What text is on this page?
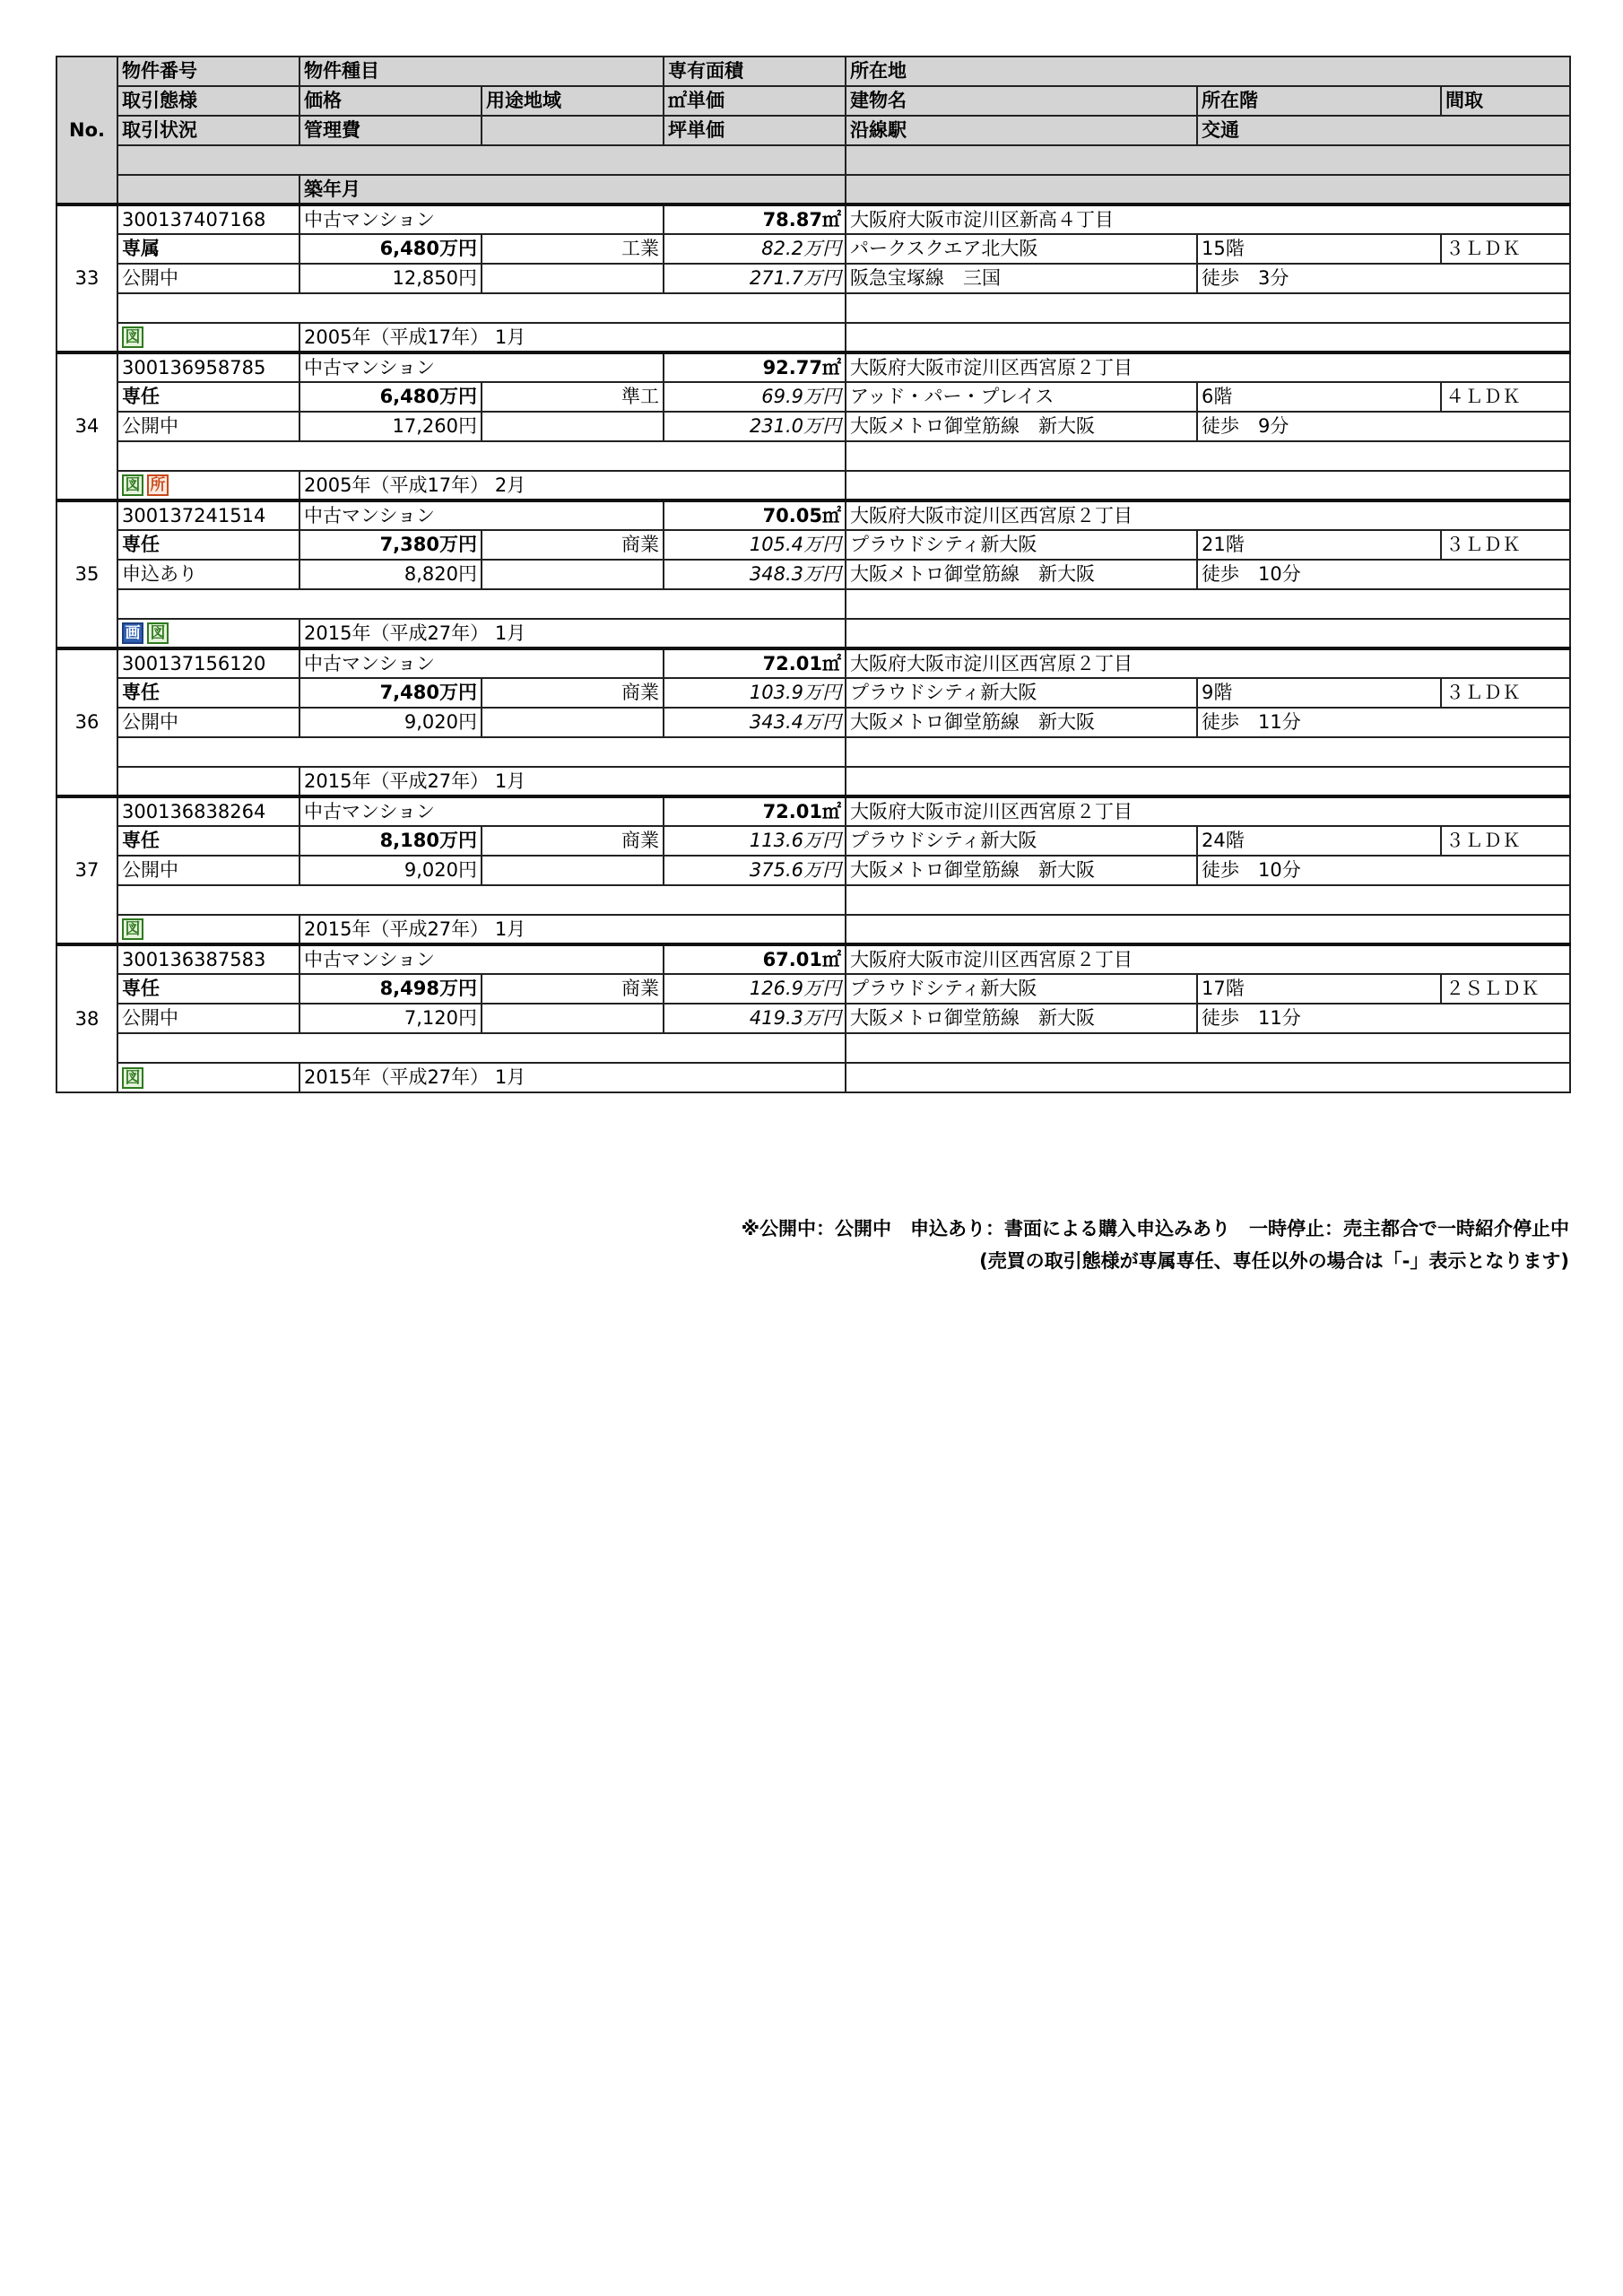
No.	物件番号	物件種目		専有面積	所在地		
	取引態様	価格	用途地域	㎡単価	建物名	所在階	間取
	取引状況	管理費		坪単価	沿線駅	交通	

		築年月					
33	300137407168	中古マンション		78.87㎡	大阪府大阪市淀川区新高４丁目		
	専属	6,480万円	工業	82.2万円	パークスクエア北大阪	15階	３ＬＤＫ
	公開中	12,850円		271.7万円	阪急宝塚線　三国	徒歩　3分	

	図	2005年（平成17年） 1月					
34	300136958785	中古マンション		92.77㎡	大阪府大阪市淀川区西宮原２丁目		
	専任	6,480万円	準工	69.9万円	アッド・パー・プレイス	6階	４ＬＤＫ
	公開中	17,260円		231.0万円	大阪メトロ御堂筋線　新大阪	徒歩　9分	

	図 所	2005年（平成17年） 2月					
35	300137241514	中古マンション		70.05㎡	大阪府大阪市淀川区西宮原２丁目		
	専任	7,380万円	商業	105.4万円	プラウドシティ新大阪	21階	３ＬＤＫ
	申込あり	8,820円		348.3万円	大阪メトロ御堂筋線　新大阪	徒歩　10分	

	画 図	2015年（平成27年） 1月					
36	300137156120	中古マンション		72.01㎡	大阪府大阪市淀川区西宮原２丁目		
	専任	7,480万円	商業	103.9万円	プラウドシティ新大阪	9階	３ＬＤＫ
	公開中	9,020円		343.4万円	大阪メトロ御堂筋線　新大阪	徒歩　11分	

		2015年（平成27年） 1月					
37	300136838264	中古マンション		72.01㎡	大阪府大阪市淀川区西宮原２丁目		
	専任	8,180万円	商業	113.6万円	プラウドシティ新大阪	24階	３ＬＤＫ
	公開中	9,020円		375.6万円	大阪メトロ御堂筋線　新大阪	徒歩　10分	

	図	2015年（平成27年） 1月					
38	300136387583	中古マンション		67.01㎡	大阪府大阪市淀川区西宮原２丁目		
	専任	8,498万円	商業	126.9万円	プラウドシティ新大阪	17階	２ＳＬＤＫ
	公開中	7,120円		419.3万円	大阪メトロ御堂筋線　新大阪	徒歩　11分	

	図	2015年（平成27年） 1月					
※公開中：公開中　申込あり：書面による購入申込みあり　一時停止：売主都合で一時紹介停止中
(売買の取引態様が専属専任、専任以外の場合は「-」表示となります)
